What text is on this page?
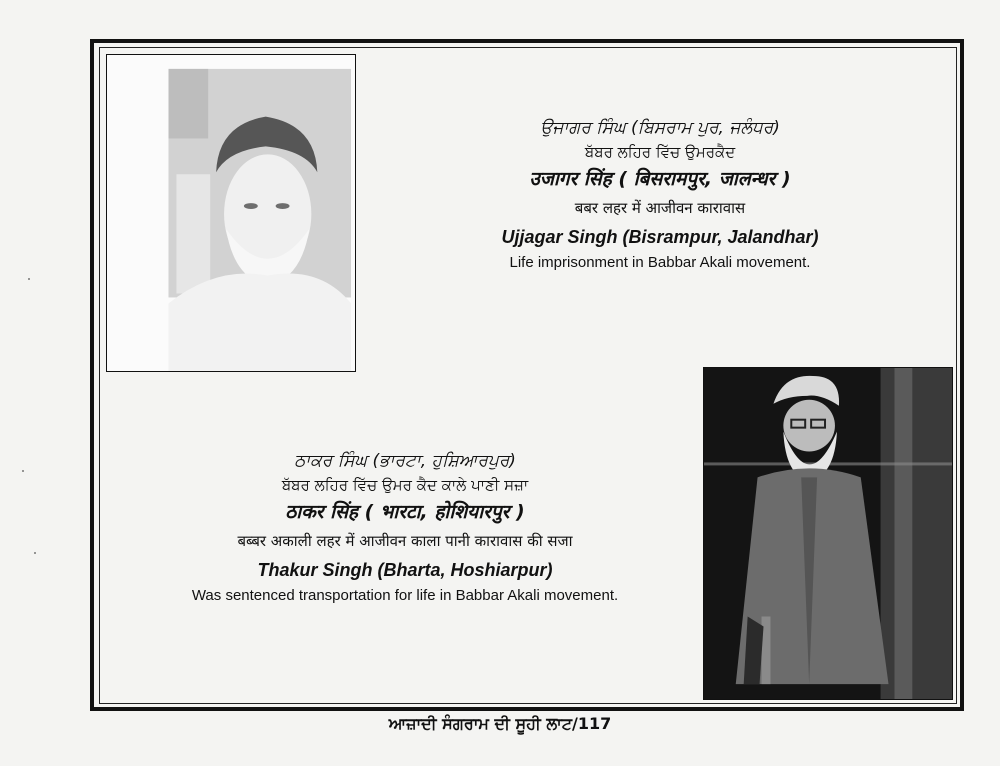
ਉਜਾਗਰ ਸਿੰਘ (ਬਿਸਰਾਮ ਪੁਰ, ਜਲੰਧਰ)
ਬੱਬਰ ਲਹਿਰ ਵਿੱਚ ਉਮਰਕੈਦ
उजागर सिंह ( बिसरामपुर, जालन्धर )
बबर लहर में आजीवन कारावास
Ujjagar Singh (Bisrampur, Jalandhar)
Life imprisonment in Babbar Akali movement.
ਠਾਕਰ ਸਿੰਘ (ਭਾਰਟਾ, ਹੁਸ਼ਿਆਰਪੁਰ)
ਬੱਬਰ ਲਹਿਰ ਵਿੱਚ ਉਮਰ ਕੈਦ ਕਾਲੇ ਪਾਣੀ ਸਜ਼ਾ
ठाकर सिंह ( भारटा, होशियारपुर )
बब्बर अकाली लहर में आजीवन काला पानी कारावास की सजा
Thakur Singh (Bharta, Hoshiarpur)
Was sentenced transportation for life in Babbar Akali movement.
ਆਜ਼ਾਦੀ ਸੰਗਰਾਮ ਦੀ ਸੂਹੀ ਲਾਟ/117
